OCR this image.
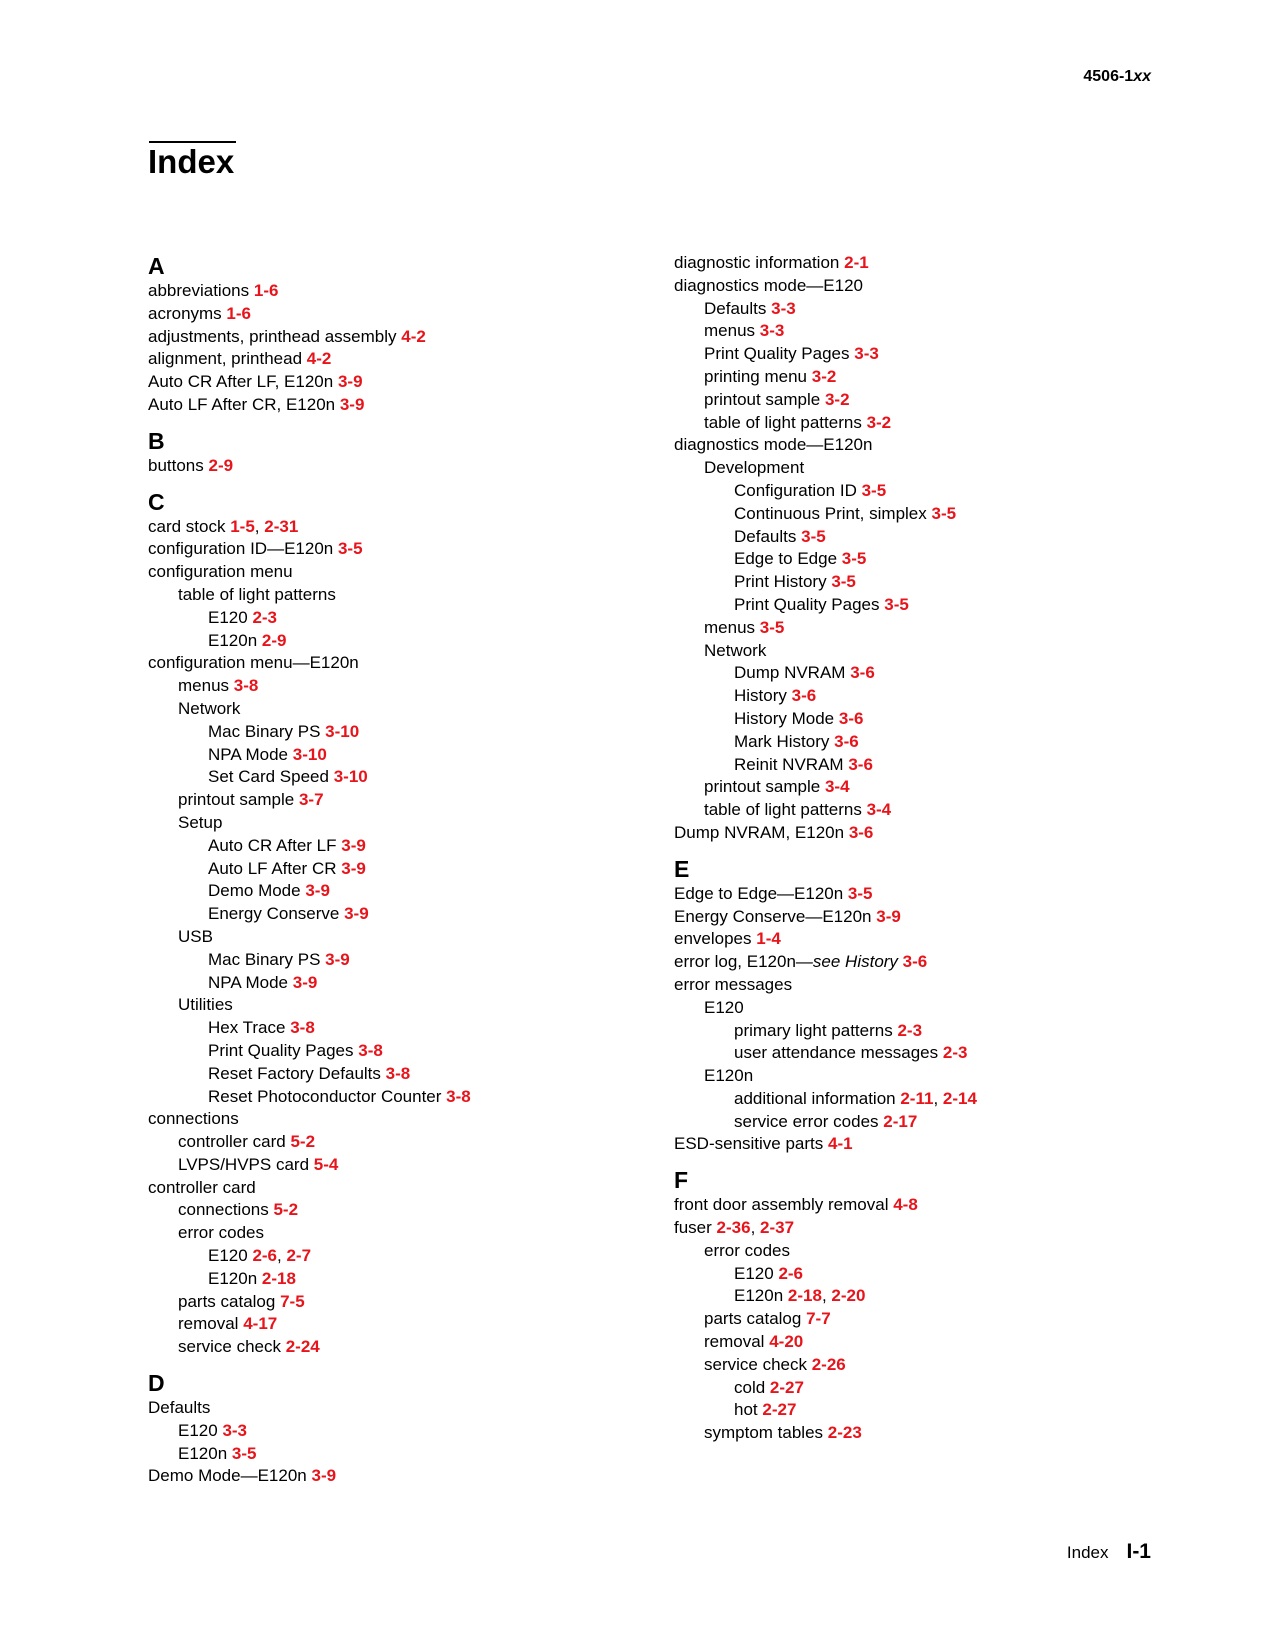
4506-1xx
Index
A
abbreviations 1-6
acronyms 1-6
adjustments, printhead assembly 4-2
alignment, printhead 4-2
Auto CR After LF, E120n 3-9
Auto LF After CR, E120n 3-9
B
buttons 2-9
C
card stock 1-5, 2-31
configuration ID—E120n 3-5
configuration menu
table of light patterns
E120 2-3
E120n 2-9
configuration menu—E120n
menus 3-8
Network
Mac Binary PS 3-10
NPA Mode 3-10
Set Card Speed 3-10
printout sample 3-7
Setup
Auto CR After LF 3-9
Auto LF After CR 3-9
Demo Mode 3-9
Energy Conserve 3-9
USB
Mac Binary PS 3-9
NPA Mode 3-9
Utilities
Hex Trace 3-8
Print Quality Pages 3-8
Reset Factory Defaults 3-8
Reset Photoconductor Counter 3-8
connections
controller card 5-2
LVPS/HVPS card 5-4
controller card
connections 5-2
error codes
E120 2-6, 2-7
E120n 2-18
parts catalog 7-5
removal 4-17
service check 2-24
D
Defaults
E120 3-3
E120n 3-5
Demo Mode—E120n 3-9
diagnostic information 2-1
diagnostics mode—E120
Defaults 3-3
menus 3-3
Print Quality Pages 3-3
printing menu 3-2
printout sample 3-2
table of light patterns 3-2
diagnostics mode—E120n
Development
Configuration ID 3-5
Continuous Print, simplex 3-5
Defaults 3-5
Edge to Edge 3-5
Print History 3-5
Print Quality Pages 3-5
menus 3-5
Network
Dump NVRAM 3-6
History 3-6
History Mode 3-6
Mark History 3-6
Reinit NVRAM 3-6
printout sample 3-4
table of light patterns 3-4
Dump NVRAM, E120n 3-6
E
Edge to Edge—E120n 3-5
Energy Conserve—E120n 3-9
envelopes 1-4
error log, E120n—see History 3-6
error messages
E120
primary light patterns 2-3
user attendance messages 2-3
E120n
additional information 2-11, 2-14
service error codes 2-17
ESD-sensitive parts 4-1
F
front door assembly removal 4-8
fuser 2-36, 2-37
error codes
E120 2-6
E120n 2-18, 2-20
parts catalog 7-7
removal 4-20
service check 2-26
cold 2-27
hot 2-27
symptom tables 2-23
Index I-1
